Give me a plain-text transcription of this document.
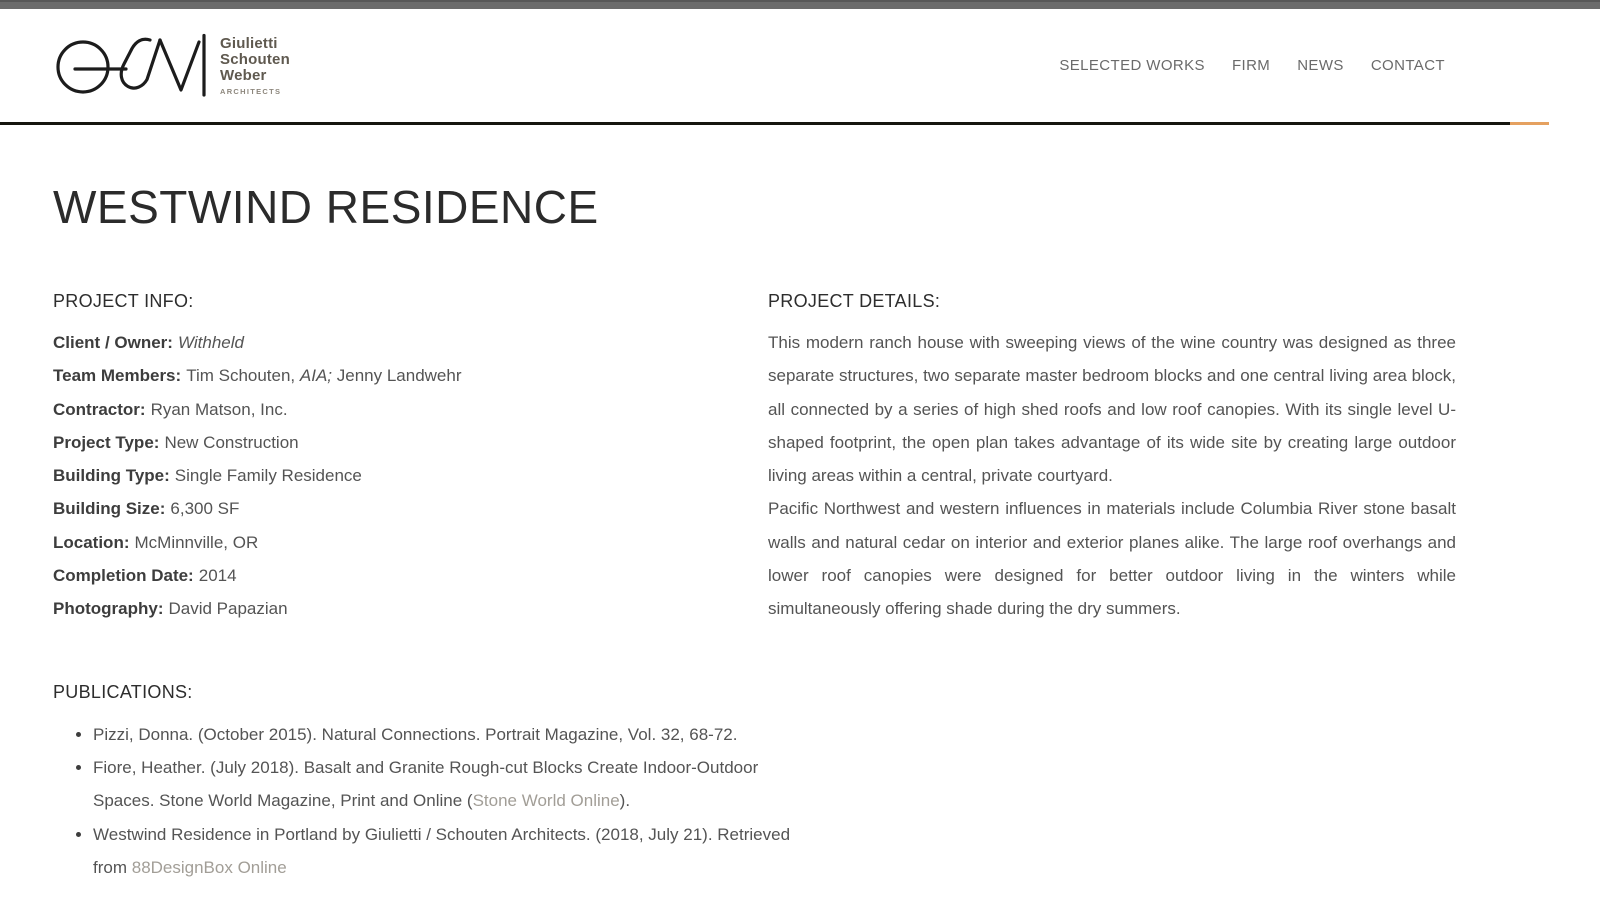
Giulietti
Schouten
Weber
ARCHITECTS
SELECTED WORKS FIRM NEWS CONTACT
WESTWIND RESIDENCE
PROJECT INFO:
Client / Owner: Withheld
Team Members: Tim Schouten, AIA; Jenny Landwehr
Contractor: Ryan Matson, Inc.
Project Type: New Construction
Building Type: Single Family Residence
Building Size: 6,300 SF
Location: McMinnville, OR
Completion Date: 2014
Photography: David Papazian
PROJECT DETAILS:

This modern ranch house with sweeping views of the wine country was designed as three separate structures, two separate master bedroom blocks and one central living area block, all connected by a series of high shed roofs and low roof canopies. With its single level U-shaped footprint, the open plan takes advantage of its wide site by creating large outdoor living areas within a central, private courtyard.

Pacific Northwest and western influences in materials include Columbia River stone basalt walls and natural cedar on interior and exterior planes alike. The large roof overhangs and lower roof canopies were designed for better outdoor living in the winters while simultaneously offering shade during the dry summers.

PUBLICATIONS:
• Pizzi, Donna. (October 2015). Natural Connections. Portrait Magazine, Vol. 32, 68-72.
• Fiore, Heather. (July 2018). Basalt and Granite Rough-cut Blocks Create Indoor-Outdoor Spaces. Stone World Magazine, Print and Online (Stone World Online).
• Westwind Residence in Portland by Giulietti / Schouten Architects. (2018, July 21). Retrieved from 88DesignBox Online
